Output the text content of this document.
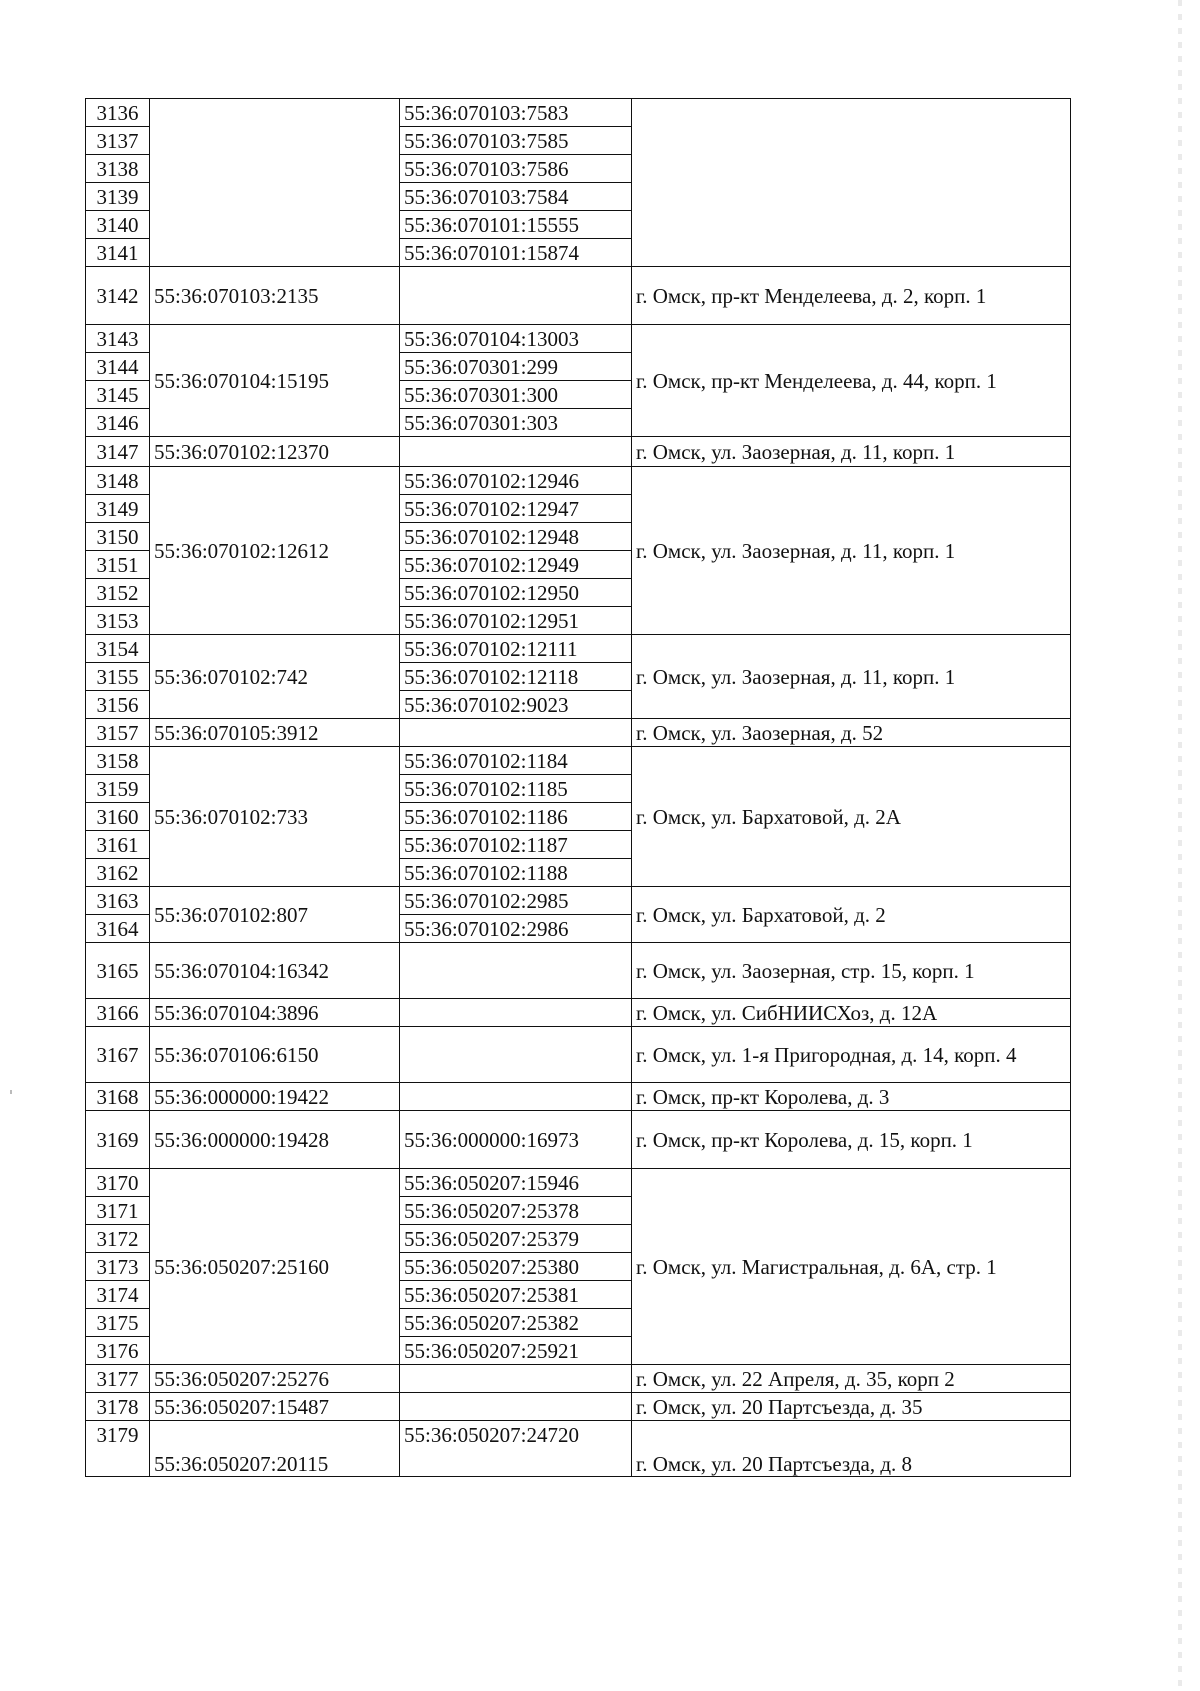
3136		55:36:070103:7583	
3137		55:36:070103:7585	
3138		55:36:070103:7586	
3139		55:36:070103:7584	
3140		55:36:070101:15555	
3141		55:36:070101:15874	
3142	55:36:070103:2135		г. Омск, пр-кт Менделеева, д. 2, корп. 1
3143	55:36:070104:15195	55:36:070104:13003	г. Омск, пр-кт Менделеева, д. 44, корп. 1
3144		55:36:070301:299	
3145		55:36:070301:300	
3146		55:36:070301:303	
3147	55:36:070102:12370		г. Омск, ул. Заозерная, д. 11, корп. 1
3148	55:36:070102:12612	55:36:070102:12946	г. Омск, ул. Заозерная, д. 11, корп. 1
3149		55:36:070102:12947	
3150		55:36:070102:12948	
3151		55:36:070102:12949	
3152		55:36:070102:12950	
3153		55:36:070102:12951	
3154	55:36:070102:742	55:36:070102:12111	г. Омск, ул. Заозерная, д. 11, корп. 1
3155		55:36:070102:12118	
3156		55:36:070102:9023	
3157	55:36:070105:3912		г. Омск, ул. Заозерная, д. 52
3158	55:36:070102:733	55:36:070102:1184	г. Омск, ул. Бархатовой, д. 2А
3159		55:36:070102:1185	
3160		55:36:070102:1186	
3161		55:36:070102:1187	
3162		55:36:070102:1188	
3163	55:36:070102:807	55:36:070102:2985	г. Омск, ул. Бархатовой, д. 2
3164		55:36:070102:2986	
3165	55:36:070104:16342		г. Омск, ул. Заозерная, стр. 15, корп. 1
3166	55:36:070104:3896		г. Омск, ул. СибНИИСХоз, д. 12А
3167	55:36:070106:6150		г. Омск, ул. 1-я Пригородная, д. 14, корп. 4
3168	55:36:000000:19422		г. Омск, пр-кт Королева, д. 3
3169	55:36:000000:19428	55:36:000000:16973	г. Омск, пр-кт Королева, д. 15, корп. 1
3170	55:36:050207:25160	55:36:050207:15946	г. Омск, ул. Магистральная, д. 6А, стр. 1
3171		55:36:050207:25378	
3172		55:36:050207:25379	
3173		55:36:050207:25380	
3174		55:36:050207:25381	
3175		55:36:050207:25382	
3176		55:36:050207:25921	
3177	55:36:050207:25276		г. Омск, ул. 22 Апреля, д. 35, корп 2
3178	55:36:050207:15487		г. Омск, ул. 20 Партсъезда, д. 35
3179	55:36:050207:20115	55:36:050207:24720	г. Омск, ул. 20 Партсъезда, д. 8
